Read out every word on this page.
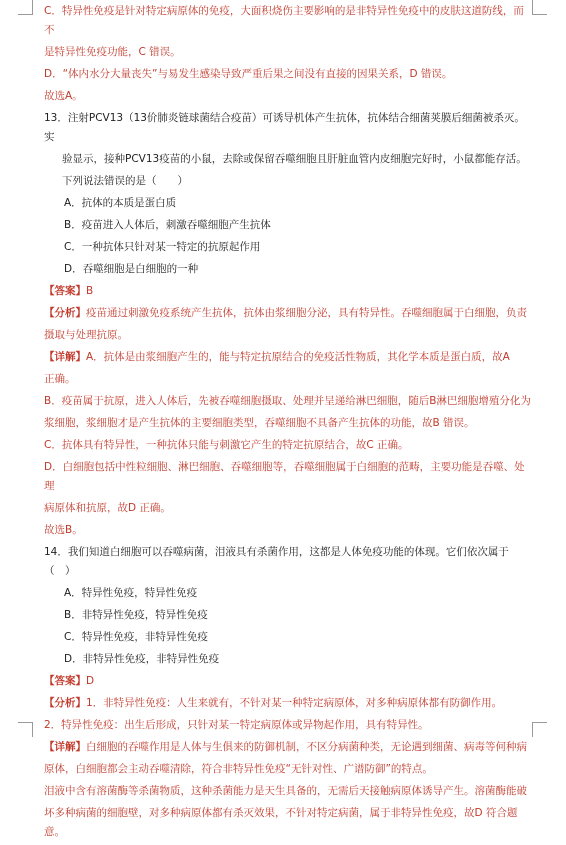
C．特异性免疫是针对特定病原体的免疫，大面积烧伤主要影响的是非特异性免疫中的皮肤这道防线，而不
是特异性免疫功能，C 错误。
D．“体内水分大量丧失”与易发生感染导致严重后果之间没有直接的因果关系，D 错误。
故选A。
13．注射PCV13（13价肺炎链球菌结合疫苗）可诱导机体产生抗体，抗体结合细菌荚膜后细菌被杀灭。实
验显示，接种PCV13疫苗的小鼠，去除或保留吞噬细胞且肝脏血管内皮细胞完好时，小鼠都能存活。
下列说法错误的是（　　）
A．抗体的本质是蛋白质
B．疫苗进入人体后，刺激吞噬细胞产生抗体
C．一种抗体只针对某一特定的抗原起作用
D．吞噬细胞是白细胞的一种
【答案】B
【分析】疫苗通过刺激免疫系统产生抗体，抗体由浆细胞分泌，具有特异性。吞噬细胞属于白细胞，负责
摄取与处理抗原。
【详解】A．抗体是由浆细胞产生的，能与特定抗原结合的免疫活性物质，其化学本质是蛋白质，故A
正确。
B．疫苗属于抗原，进入人体后，先被吞噬细胞摄取、处理并呈递给淋巴细胞，随后B淋巴细胞增殖分化为
浆细胞，浆细胞才是产生抗体的主要细胞类型，吞噬细胞不具备产生抗体的功能，故B 错误。
C．抗体具有特异性，一种抗体只能与刺激它产生的特定抗原结合，故C 正确。
D．白细胞包括中性粒细胞、淋巴细胞、吞噬细胞等，吞噬细胞属于白细胞的范畴，主要功能是吞噬、处理
病原体和抗原，故D 正确。
故选B。
14．我们知道白细胞可以吞噬病菌，泪液具有杀菌作用，这都是人体免疫功能的体现。它们依次属于（　）
A．特异性免疫，特异性免疫
B．非特异性免疫，特异性免疫
C．特异性免疫，非特异性免疫
D．非特异性免疫，非特异性免疫
【答案】D
【分析】1．非特异性免疫：人生来就有，不针对某一种特定病原体，对多种病原体都有防御作用。
2．特异性免疫：出生后形成，只针对某一特定病原体或异物起作用，具有特异性。
【详解】白细胞的吞噬作用是人体与生俱来的防御机制，不区分病菌种类，无论遇到细菌、病毒等何种病
原体，白细胞都会主动吞噬清除，符合非特异性免疫“无针对性、广谱防御”的特点。
泪液中含有溶菌酶等杀菌物质，这种杀菌能力是天生具备的，无需后天接触病原体诱导产生。溶菌酶能破
坏多种病菌的细胞壁，对多种病原体都有杀灭效果，不针对特定病菌，属于非特异性免疫，故D 符合题意。
